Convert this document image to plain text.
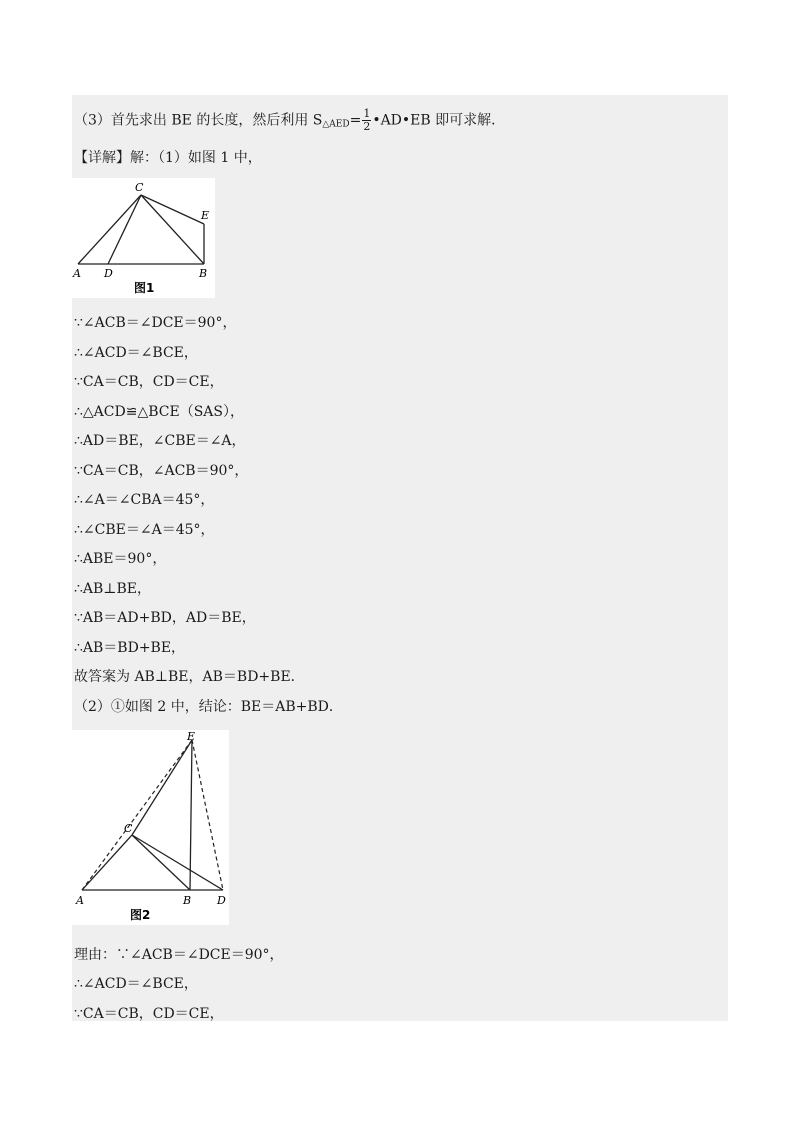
（3）首先求出 BE 的长度，然后利用 $S_{\triangle AED}= \frac{1}{2}$ •AD•EB 即可求解．
【详解】解：（1）如图 1 中，
C
E
A D	B
图1
∵∠ACB＝∠DCE＝90°，
∴∠ACD＝∠BCE，
∵CA＝CB，CD＝CE，
∴△ACD≌△BCE（SAS），
∴AD＝BE，∠CBE＝∠A，
∵CA＝CB，∠ACB＝90°，
∴∠A＝∠CBA＝45°，
∴∠CBE＝∠A＝45°，
∴ABE＝90°，
∴AB⊥BE，
∵AB＝AD+BD，AD＝BE，
∴AB＝BD+BE，
故答案为 AB⊥BE，AB＝BD+BE．
（2）①如图 2 中，结论：BE＝AB+BD．
E
C
A	B D
图2
理由：∵∠ACB＝∠DCE＝90°，
∴∠ACD＝∠BCE，
∵CA＝CB，CD＝CE，
